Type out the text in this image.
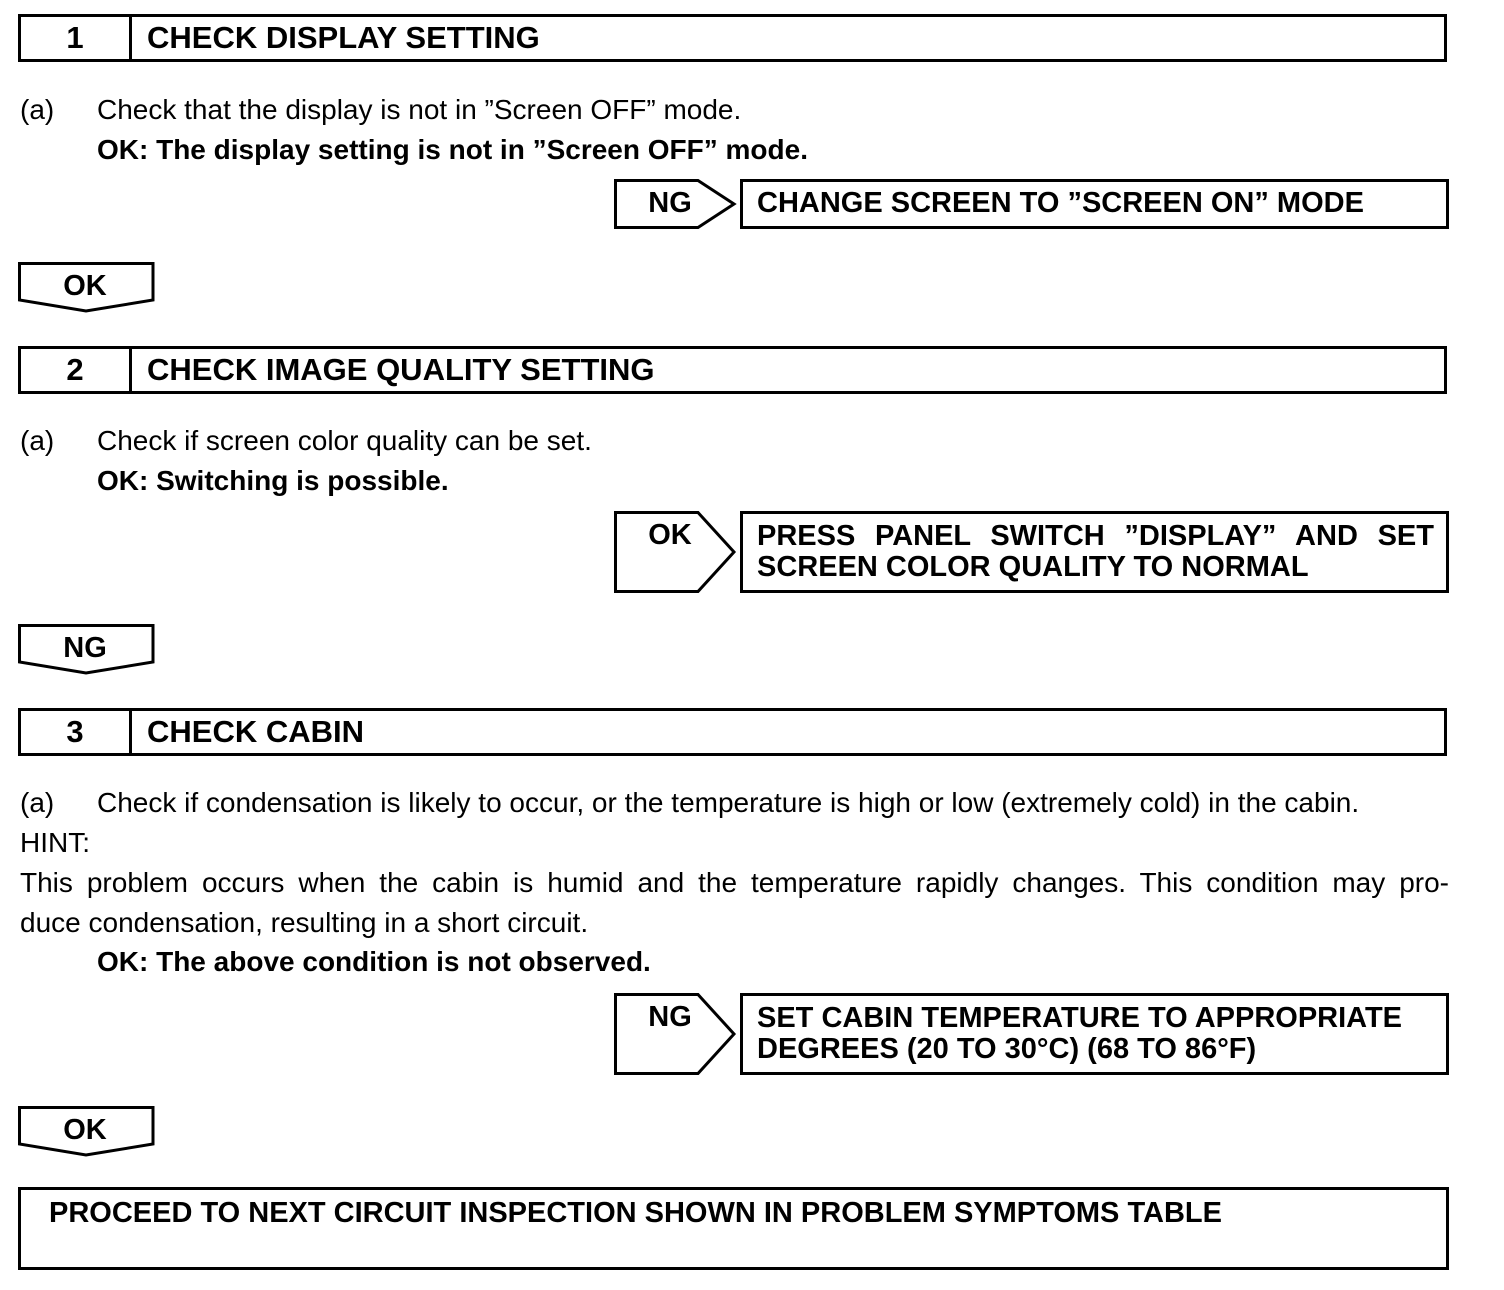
1	CHECK DISPLAY SETTING
(a) Check that the display is not in ”Screen OFF” mode.
OK: The display setting is not in ”Screen OFF” mode.
NG	CHANGE SCREEN TO ”SCREEN ON” MODE
OK
2	CHECK IMAGE QUALITY SETTING
(a) Check if screen color quality can be set.
OK: Switching is possible.
OK	PRESS PANEL SWITCH ”DISPLAY” AND SET
SCREEN COLOR QUALITY TO NORMAL
NG
3	CHECK CABIN
(a) Check if condensation is likely to occur, or the temperature is high or low (extremely cold) in the cabin.
HINT:
This problem occurs when the cabin is humid and the temperature rapidly changes. This condition may pro-
duce condensation, resulting in a short circuit.
OK: The above condition is not observed.
NG	SET CABIN TEMPERATURE TO APPROPRIATE
DEGREES (20 TO 30°C) (68 TO 86°F)
OK
PROCEED TO NEXT CIRCUIT INSPECTION SHOWN IN PROBLEM SYMPTOMS TABLE
